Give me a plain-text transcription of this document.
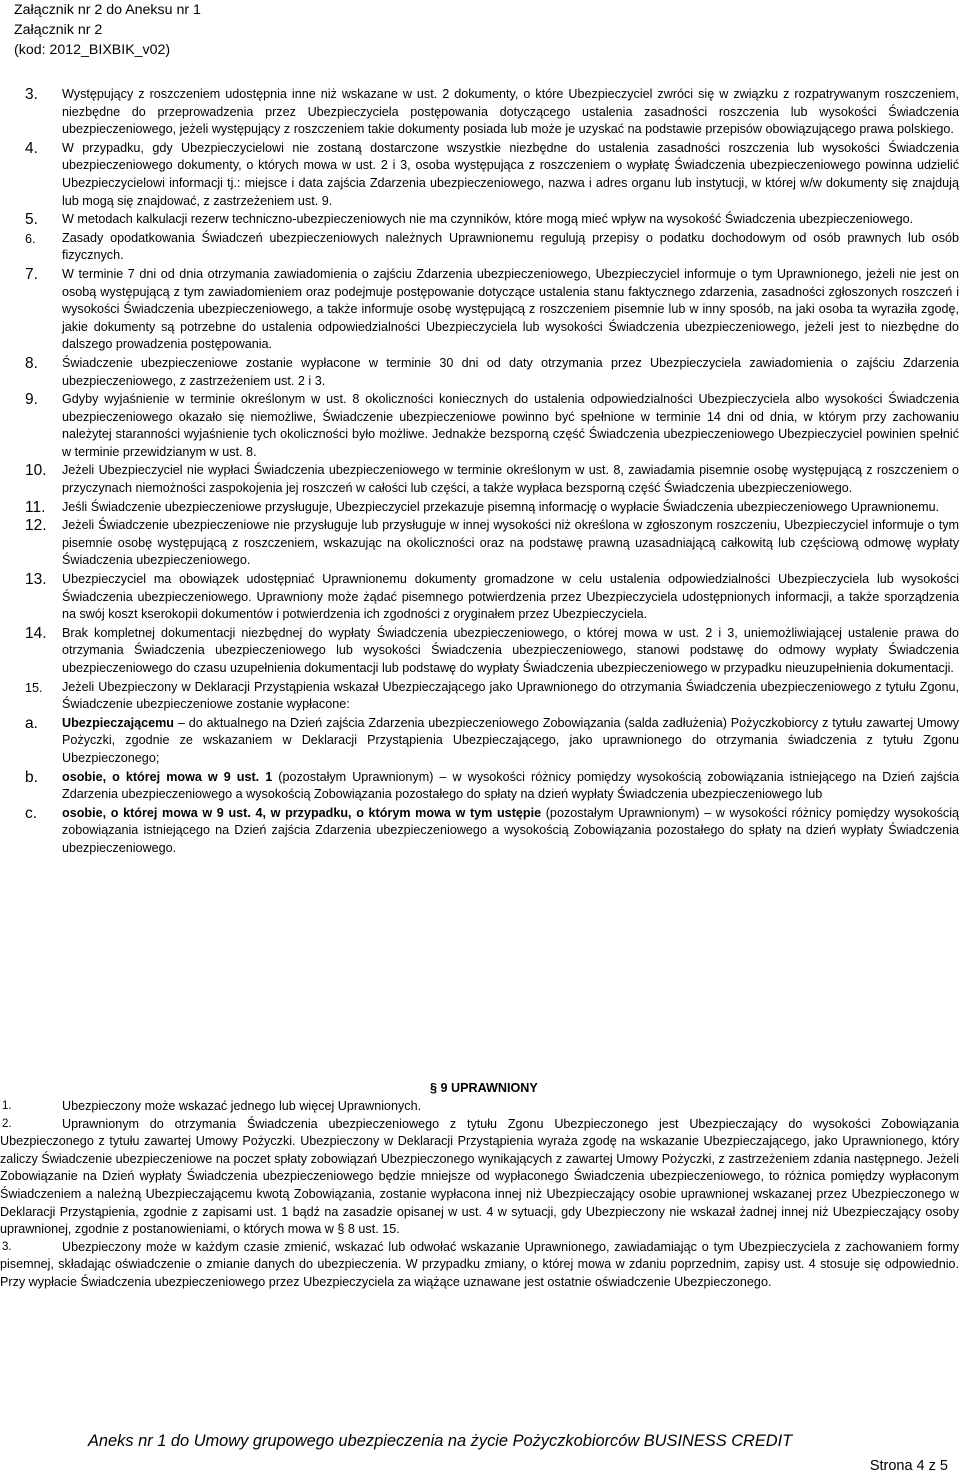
Załącznik nr 2 do Aneksu nr 1
Załącznik nr 2
(kod: 2012_BIXBIK_v02)
3. Występujący z roszczeniem udostępnia inne niż wskazane w ust. 2 dokumenty, o które Ubezpieczyciel zwróci się w związku z rozpatrywanym roszczeniem, niezbędne do przeprowadzenia przez Ubezpieczyciela postępowania dotyczącego ustalenia zasadności roszczenia lub wysokości Świadczenia ubezpieczeniowego, jeżeli występujący z roszczeniem takie dokumenty posiada lub może je uzyskać na podstawie przepisów obowiązującego prawa polskiego.
4. W przypadku, gdy Ubezpieczycielowi nie zostaną dostarczone wszystkie niezbędne do ustalenia zasadności roszczenia lub wysokości Świadczenia ubezpieczeniowego dokumenty, o których mowa w ust. 2 i 3, osoba występująca z roszczeniem o wypłatę Świadczenia ubezpieczeniowego powinna udzielić Ubezpieczycielowi informacji tj.: miejsce i data zajścia Zdarzenia ubezpieczeniowego, nazwa i adres organu lub instytucji, w której w/w dokumenty się znajdują lub mogą się znajdować, z zastrzeżeniem ust. 9.
5. W metodach kalkulacji rezerw techniczno-ubezpieczeniowych nie ma czynników, które mogą mieć wpływ na wysokość Świadczenia ubezpieczeniowego.
6. Zasady opodatkowania Świadczeń ubezpieczeniowych należnych Uprawnionemu regulują przepisy o podatku dochodowym od osób prawnych lub osób fizycznych.
7. W terminie 7 dni od dnia otrzymania zawiadomienia o zajściu Zdarzenia ubezpieczeniowego, Ubezpieczyciel informuje o tym Uprawnionego, jeżeli nie jest on osobą występującą z tym zawiadomieniem oraz podejmuje postępowanie dotyczące ustalenia stanu faktycznego zdarzenia, zasadności zgłoszonych roszczeń i wysokości Świadczenia ubezpieczeniowego, a także informuje osobę występującą z roszczeniem pisemnie lub w inny sposób, na jaki osoba ta wyraziła zgodę, jakie dokumenty są potrzebne do ustalenia odpowiedzialności Ubezpieczyciela lub wysokości Świadczenia ubezpieczeniowego, jeżeli jest to niezbędne do dalszego prowadzenia postępowania.
8. Świadczenie ubezpieczeniowe zostanie wypłacone w terminie 30 dni od daty otrzymania przez Ubezpieczyciela zawiadomienia o zajściu Zdarzenia ubezpieczeniowego, z zastrzeżeniem ust. 2 i 3.
9. Gdyby wyjaśnienie w terminie określonym w ust. 8 okoliczności koniecznych do ustalenia odpowiedzialności Ubezpieczyciela albo wysokości Świadczenia ubezpieczeniowego okazało się niemożliwe, Świadczenie ubezpieczeniowe powinno być spełnione w terminie 14 dni od dnia, w którym przy zachowaniu należytej staranności wyjaśnienie tych okoliczności było możliwe. Jednakże bezsporną część Świadczenia ubezpieczeniowego Ubezpieczyciel powinien spełnić w terminie przewidzianym w ust. 8.
10. Jeżeli Ubezpieczyciel nie wypłaci Świadczenia ubezpieczeniowego w terminie określonym w ust. 8, zawiadamia pisemnie osobę występującą z roszczeniem o przyczynach niemożności zaspokojenia jej roszczeń w całości lub części, a także wypłaca bezsporną część Świadczenia ubezpieczeniowego.
11. Jeśli Świadczenie ubezpieczeniowe przysługuje, Ubezpieczyciel przekazuje pisemną informację o wypłacie Świadczenia ubezpieczeniowego Uprawnionemu.
12. Jeżeli Świadczenie ubezpieczeniowe nie przysługuje lub przysługuje w innej wysokości niż określona w zgłoszonym roszczeniu, Ubezpieczyciel informuje o tym pisemnie osobę występującą z roszczeniem, wskazując na okoliczności oraz na podstawę prawną uzasadniającą całkowitą lub częściową odmowę wypłaty Świadczenia ubezpieczeniowego.
13. Ubezpieczyciel ma obowiązek udostępniać Uprawnionemu dokumenty gromadzone w celu ustalenia odpowiedzialności Ubezpieczyciela lub wysokości Świadczenia ubezpieczeniowego. Uprawniony może żądać pisemnego potwierdzenia przez Ubezpieczyciela udostępnionych informacji, a także sporządzenia na swój koszt kserokopii dokumentów i potwierdzenia ich zgodności z oryginałem przez Ubezpieczyciela.
14. Brak kompletnej dokumentacji niezbędnej do wypłaty Świadczenia ubezpieczeniowego, o której mowa w ust. 2 i 3, uniemożliwiającej ustalenie prawa do otrzymania Świadczenia ubezpieczeniowego lub wysokości Świadczenia ubezpieczeniowego, stanowi podstawę do odmowy wypłaty Świadczenia ubezpieczeniowego do czasu uzupełnienia dokumentacji lub podstawę do wypłaty Świadczenia ubezpieczeniowego w przypadku nieuzupełnienia dokumentacji.
15. Jeżeli Ubezpieczony w Deklaracji Przystąpienia wskazał Ubezpieczającego jako Uprawnionego do otrzymania Świadczenia ubezpieczeniowego z tytułu Zgonu, Świadczenie ubezpieczeniowe zostanie wypłacone:
a. Ubezpieczającemu – do aktualnego na Dzień zajścia Zdarzenia ubezpieczeniowego Zobowiązania (salda zadłużenia) Pożyczkobiorcy z tytułu zawartej Umowy Pożyczki, zgodnie ze wskazaniem w Deklaracji Przystąpienia Ubezpieczającego, jako uprawnionego do otrzymania świadczenia z tytułu Zgonu Ubezpieczonego;
b. osobie, o której mowa w 9 ust. 1 (pozostałym Uprawnionym) – w wysokości różnicy pomiędzy wysokością zobowiązania istniejącego na Dzień zajścia Zdarzenia ubezpieczeniowego a wysokością Zobowiązania pozostałego do spłaty na dzień wypłaty Świadczenia ubezpieczeniowego lub
c. osobie, o której mowa w 9 ust. 4, w przypadku, o którym mowa w tym ustępie (pozostałym Uprawnionym) – w wysokości różnicy pomiędzy wysokością zobowiązania istniejącego na Dzień zajścia Zdarzenia ubezpieczeniowego a wysokością Zobowiązania pozostałego do spłaty na dzień wypłaty Świadczenia ubezpieczeniowego.
§ 9 UPRAWNIONY
1.	Ubezpieczony może wskazać jednego lub więcej Uprawnionych.
2.	Uprawnionym do otrzymania Świadczenia ubezpieczeniowego z tytułu Zgonu Ubezpieczonego jest Ubezpieczający do wysokości Zobowiązania Ubezpieczonego z tytułu zawartej Umowy Pożyczki. Ubezpieczony w Deklaracji Przystąpienia wyraża zgodę na wskazanie Ubezpieczającego, jako Uprawnionego, który zaliczy Świadczenie ubezpieczeniowe na poczet spłaty zobowiązań Ubezpieczonego wynikających z zawartej Umowy Pożyczki, z zastrzeżeniem zdania następnego. Jeżeli Zobowiązanie na Dzień wypłaty Świadczenia ubezpieczeniowego będzie mniejsze od wypłaconego Świadczenia ubezpieczeniowego, to różnica pomiędzy wypłaconym Świadczeniem a należną Ubezpieczającemu kwotą Zobowiązania, zostanie wypłacona innej niż Ubezpieczający osobie uprawnionej wskazanej przez Ubezpieczonego w Deklaracji Przystąpienia, zgodnie z zapisami ust. 1 bądź na zasadzie opisanej w ust. 4 w sytuacji, gdy Ubezpieczony nie wskazał żadnej innej niż Ubezpieczający osoby uprawnionej, zgodnie z postanowieniami, o których mowa w § 8 ust. 15.
3.	Ubezpieczony może w każdym czasie zmienić, wskazać lub odwołać wskazanie Uprawnionego, zawiadamiając o tym Ubezpieczyciela z zachowaniem formy pisemnej, składając oświadczenie o zmianie danych do ubezpieczenia. W przypadku zmiany, o której mowa w zdaniu poprzednim, zapisy ust. 4 stosuje się odpowiednio. Przy wypłacie Świadczenia ubezpieczeniowego przez Ubezpieczyciela za wiążące uznawane jest ostatnie oświadczenie Ubezpieczonego.
Aneks nr 1 do Umowy grupowego ubezpieczenia na życie Pożyczkobiorców BUSINESS CREDIT
Strona 4 z 5
